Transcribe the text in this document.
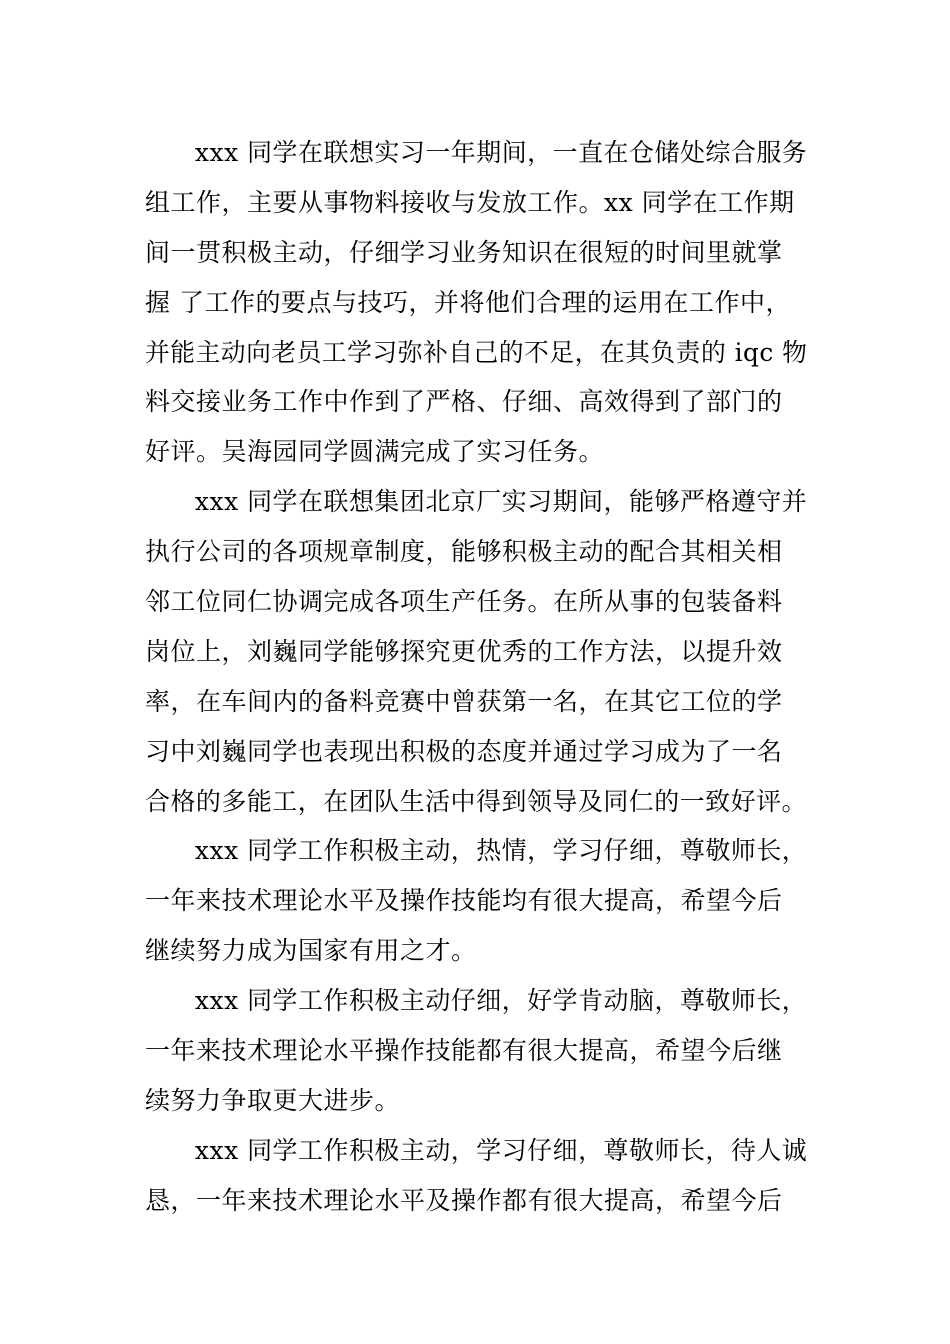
xxx 同学在联想实习一年期间，一直在仓储处综合服务
组工作，主要从事物料接收与发放工作。xx 同学在工作期
间一贯积极主动，仔细学习业务知识在很短的时间里就掌
握 了工作的要点与技巧，并将他们合理的运用在工作中，
并能主动向老员工学习弥补自己的不足，在其负责的 iqc 物
料交接业务工作中作到了严格、仔细、高效得到了部门的
好评。吴海园同学圆满完成了实习任务。
xxx 同学在联想集团北京厂实习期间，能够严格遵守并
执行公司的各项规章制度，能够积极主动的配合其相关相
邻工位同仁协调完成各项生产任务。在所从事的包装备料
岗位上，刘巍同学能够探究更优秀的工作方法，以提升效
率，在车间内的备料竞赛中曾获第一名，在其它工位的学
习中刘巍同学也表现出积极的态度并通过学习成为了一名
合格的多能工，在团队生活中得到领导及同仁的一致好评。
xxx 同学工作积极主动，热情，学习仔细，尊敬师长，
一年来技术理论水平及操作技能均有很大提高，希望今后
继续努力成为国家有用之才。
xxx 同学工作积极主动仔细，好学肯动脑，尊敬师长，
一年来技术理论水平操作技能都有很大提高，希望今后继
续努力争取更大进步。
xxx 同学工作积极主动，学习仔细，尊敬师长，待人诚
恳，一年来技术理论水平及操作都有很大提高，希望今后
